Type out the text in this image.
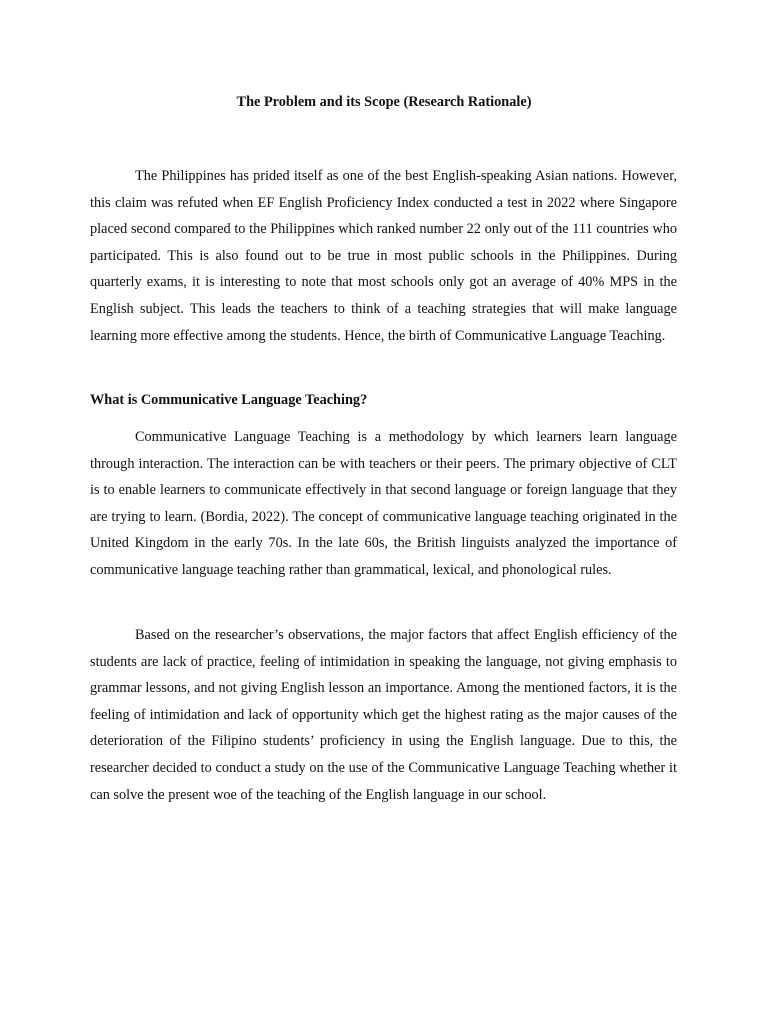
The Problem and its Scope (Research Rationale)

The Philippines has prided itself as one of the best English-speaking Asian nations. However, this claim was refuted when EF English Proficiency Index conducted a test in 2022 where Singapore placed second compared to the Philippines which ranked number 22 only out of the 111 countries who participated. This is also found out to be true in most public schools in the Philippines. During quarterly exams, it is interesting to note that most schools only got an average of 40% MPS in the English subject. This leads the teachers to think of a teaching strategies that will make language learning more effective among the students. Hence, the birth of Communicative Language Teaching.

What is Communicative Language Teaching?

Communicative Language Teaching is a methodology by which learners learn language through interaction. The interaction can be with teachers or their peers. The primary objective of CLT is to enable learners to communicate effectively in that second language or foreign language that they are trying to learn. (Bordia, 2022). The concept of communicative language teaching originated in the United Kingdom in the early 70s. In the late 60s, the British linguists analyzed the importance of communicative language teaching rather than grammatical, lexical, and phonological rules.

Based on the researcher’s observations, the major factors that affect English efficiency of the students are lack of practice, feeling of intimidation in speaking the language, not giving emphasis to grammar lessons, and not giving English lesson an importance. Among the mentioned factors, it is the feeling of intimidation and lack of opportunity which get the highest rating as the major causes of the deterioration of the Filipino students’ proficiency in using the English language. Due to this, the researcher decided to conduct a study on the use of the Communicative Language Teaching whether it can solve the present woe of the teaching of the English language in our school.
